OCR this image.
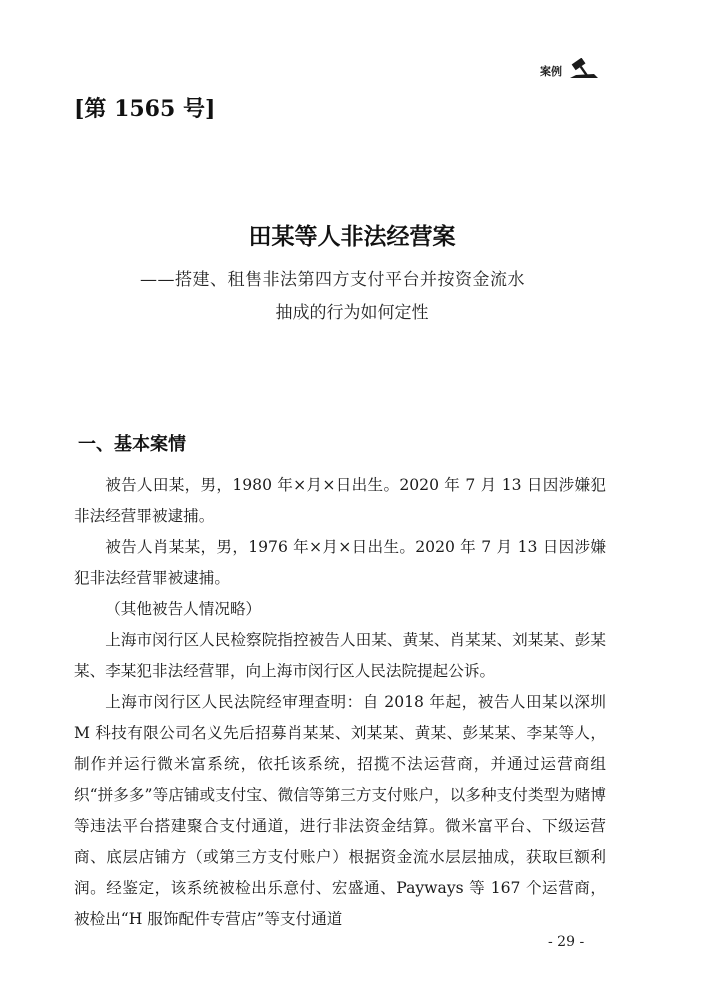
案例
[第 1565 号]
田某等人非法经营案
——搭建、租售非法第四方支付平台并按资金流水
抽成的行为如何定性
一、基本案情

被告人田某，男，1980 年×月×日出生。2020 年 7 月 13 日因涉嫌犯非法经营罪被逮捕。

被告人肖某某，男，1976 年×月×日出生。2020 年 7 月 13 日因涉嫌犯非法经营罪被逮捕。

（其他被告人情况略）

上海市闵行区人民检察院指控被告人田某、黄某、肖某某、刘某某、彭某某、李某犯非法经营罪，向上海市闵行区人民法院提起公诉。

上海市闵行区人民法院经审理查明：自 2018 年起，被告人田某以深圳 M 科技有限公司名义先后招募肖某某、刘某某、黄某、彭某某、李某等人，制作并运行微米富系统，依托该系统，招揽不法运营商，并通过运营商组织“拼多多”等店铺或支付宝、微信等第三方支付账户，以多种支付类型为赌博等违法平台搭建聚合支付通道，进行非法资金结算。微米富平台、下级运营商、底层店铺方（或第三方支付账户）根据资金流水层层抽成，获取巨额利润。经鉴定，该系统被检出乐意付、宏盛通、Payways 等 167 个运营商，被检出“H 服饰配件专营店”等支付通道

- 29 -
